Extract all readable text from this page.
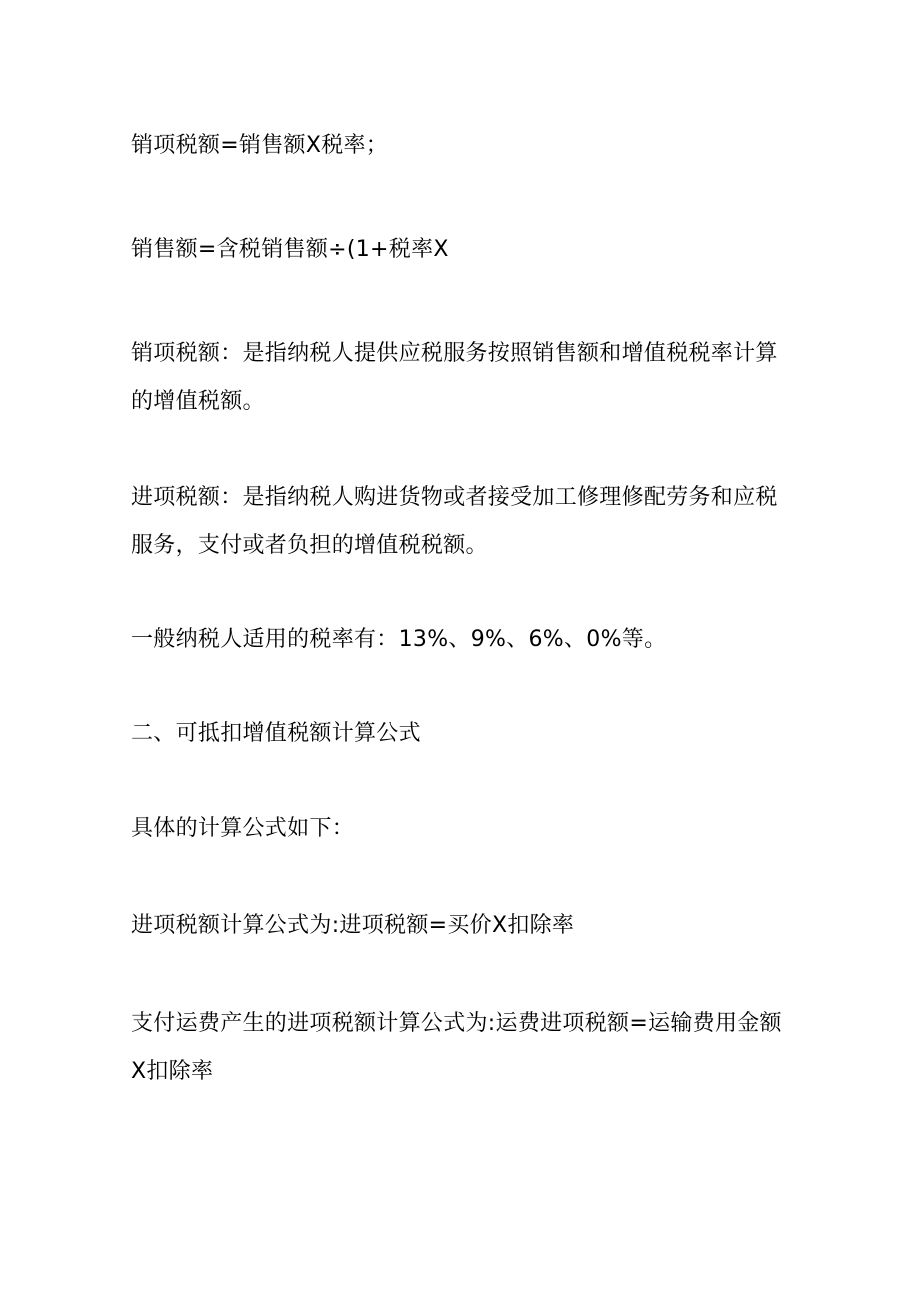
销项税额=销售额X税率；

销售额=含税销售额÷(1+税率X

销项税额：是指纳税人提供应税服务按照销售额和增值税税率计算的增值税额。

进项税额：是指纳税人购进货物或者接受加工修理修配劳务和应税服务，支付或者负担的增值税税额。

一般纳税人适用的税率有：13%、9%、6%、0%等。

二、可抵扣增值税额计算公式

具体的计算公式如下：

进项税额计算公式为:进项税额=买价X扣除率

支付运费产生的进项税额计算公式为:运费进项税额=运输费用金额X扣除率
